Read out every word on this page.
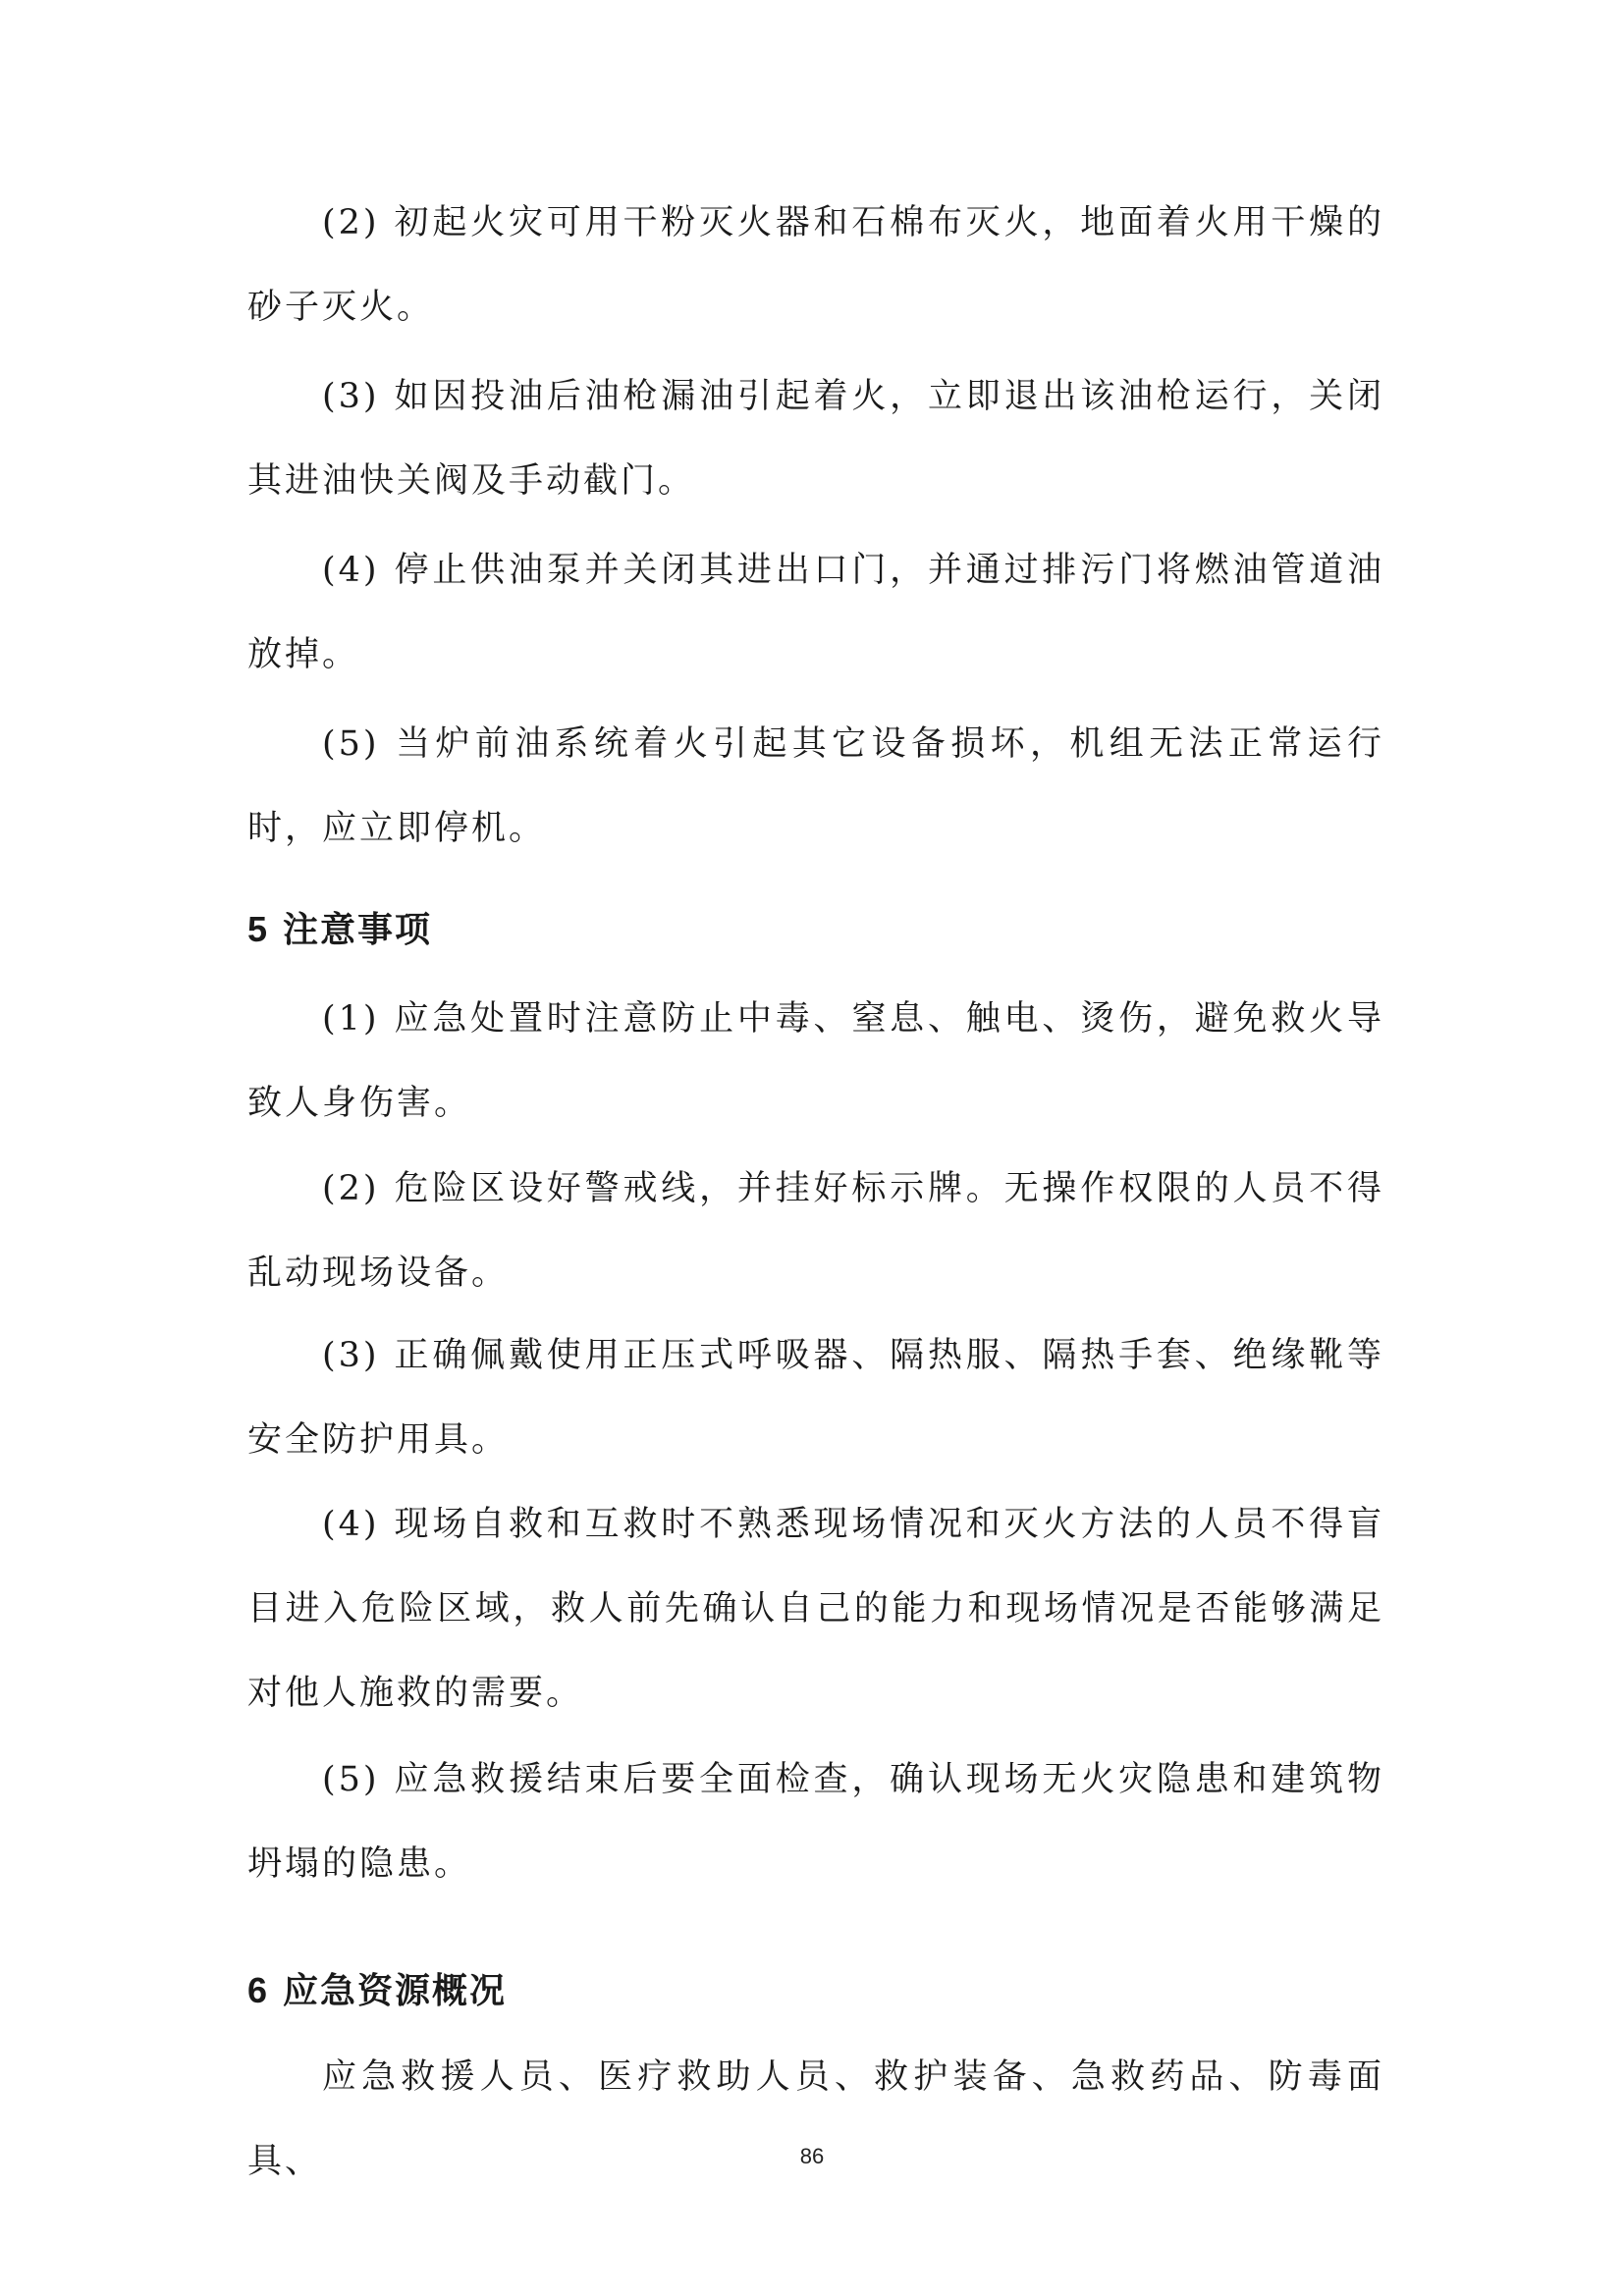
(2) 初起火灾可用干粉灭火器和石棉布灭火，地面着火用干燥的砂子灭火。

(3) 如因投油后油枪漏油引起着火，立即退出该油枪运行，关闭其进油快关阀及手动截门。

(4) 停止供油泵并关闭其进出口门，并通过排污门将燃油管道油放掉。

(5) 当炉前油系统着火引起其它设备损坏，机组无法正常运行时，应立即停机。

5 注意事项

(1) 应急处置时注意防止中毒、窒息、触电、烫伤，避免救火导致人身伤害。

(2) 危险区设好警戒线，并挂好标示牌。无操作权限的人员不得乱动现场设备。

(3) 正确佩戴使用正压式呼吸器、隔热服、隔热手套、绝缘靴等安全防护用具。

(4) 现场自救和互救时不熟悉现场情况和灭火方法的人员不得盲目进入危险区域，救人前先确认自己的能力和现场情况是否能够满足对他人施救的需要。

(5) 应急救援结束后要全面检查，确认现场无火灾隐患和建筑物坍塌的隐患。

6 应急资源概况

应急救援人员、医疗救助人员、救护装备、急救药品、防毒面具、	86
